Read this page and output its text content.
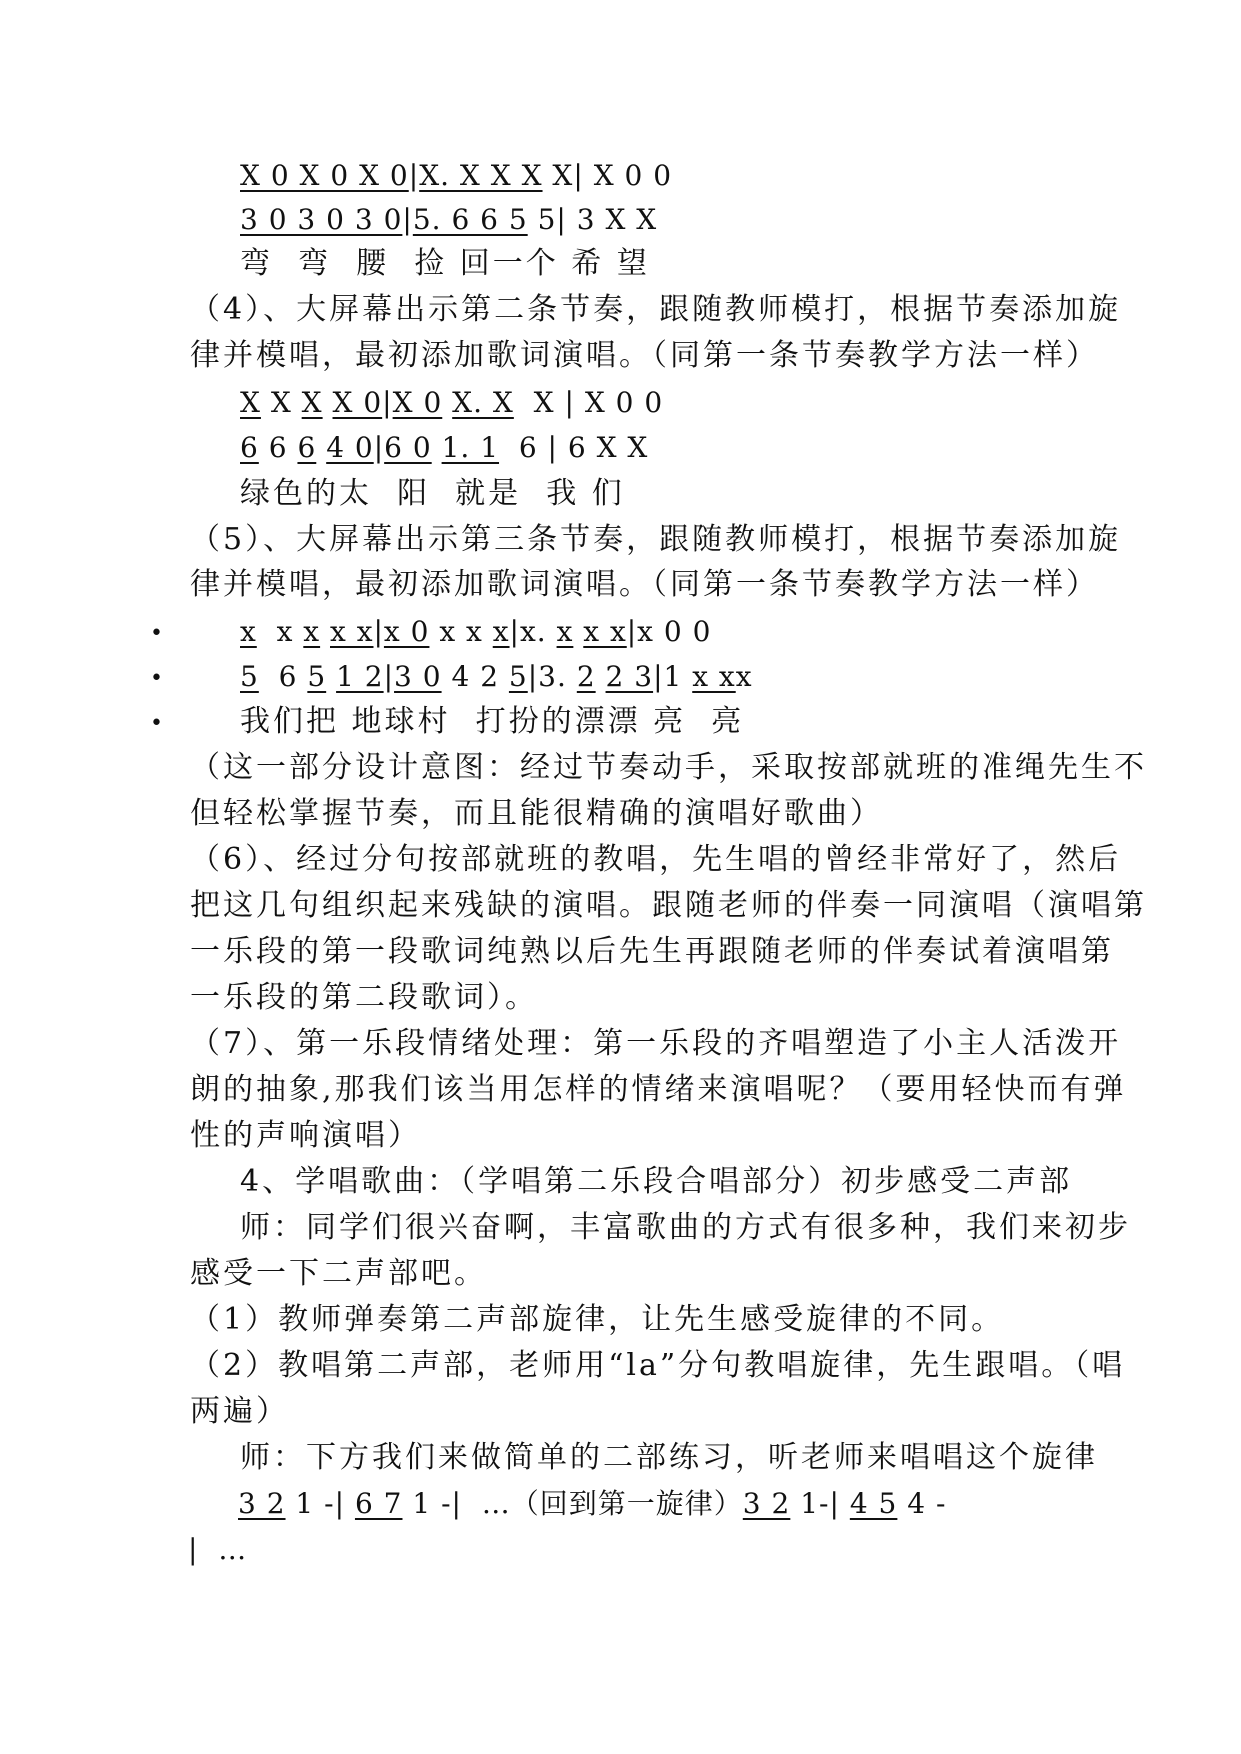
X 0 X 0 X 0|X. X X X X| X 0 0
3 0 3 0 3 0|5. 6 6 5 5| 3 X X
弯  弯  腰  捡 回一个 希 望
（4）、大屏幕出示第二条节奏，跟随教师模打，根据节奏添加旋
律并模唱，最初添加歌词演唱。（同第一条节奏教学方法一样）
X X X X 0|X 0 X. X  X | X 0 0
6 6 6 4 0|6 0 1. 1  6 | 6 X X
绿色的太  阳  就是  我 们
（5）、大屏幕出示第三条节奏，跟随教师模打，根据节奏添加旋
律并模唱，最初添加歌词演唱。（同第一条节奏教学方法一样）
•
•
•
x  x x x x|x 0 x x x|x. x x x|x 0 0
5  6 5 1 2|3 0 4 2 5|3. 2 2 3|1 x xx
我们把 地球村  打扮的漂漂 亮  亮
（这一部分设计意图：经过节奏动手，采取按部就班的准绳先生不
但轻松掌握节奏，而且能很精确的演唱好歌曲）
（6）、经过分句按部就班的教唱，先生唱的曾经非常好了，然后
把这几句组织起来残缺的演唱。跟随老师的伴奏一同演唱（演唱第
一乐段的第一段歌词纯熟以后先生再跟随老师的伴奏试着演唱第
一乐段的第二段歌词）。
（7）、第一乐段情绪处理：第一乐段的齐唱塑造了小主人活泼开
朗的抽象,那我们该当用怎样的情绪来演唱呢？（要用轻快而有弹
性的声响演唱）
4、学唱歌曲：（学唱第二乐段合唱部分）初步感受二声部
师：同学们很兴奋啊，丰富歌曲的方式有很多种，我们来初步
感受一下二声部吧。
（1）教师弹奏第二声部旋律，让先生感受旋律的不同。
（2）教唱第二声部，老师用“la”分句教唱旋律，先生跟唱。（唱
两遍）
师：下方我们来做简单的二部练习，听老师来唱唱这个旋律
3 2 1 -| 6 7 1 -|  …（回到第一旋律）3 2 1-| 4 5 4 -
|  …
